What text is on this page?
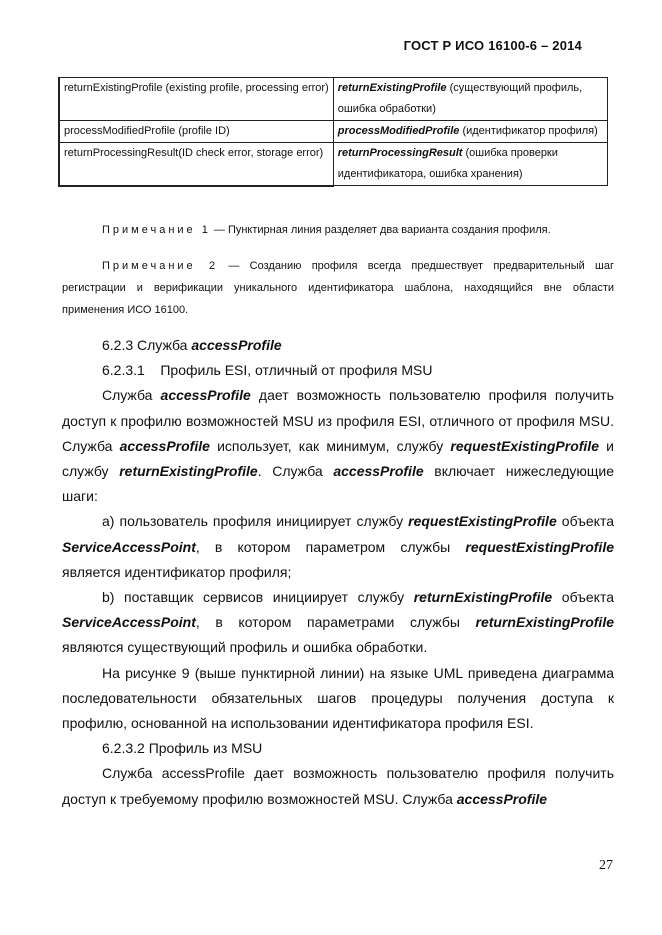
ГОСТ Р ИСО 16100-6 – 2014
returnExistingProfile (existing profile, processing error)	returnExistingProfile (существующий профиль, ошибка обработки)
processModifiedProfile (profile ID)	processModifiedProfile (идентификатор профиля)
returnProcessingResult(ID check error, storage error)	returnProcessingResult (ошибка проверки идентификатора, ошибка хранения)
Примечание 1 — Пунктирная линия разделяет два варианта создания профиля.
Примечание 2 — Созданию профиля всегда предшествует предварительный шаг регистрации и верификации уникального идентификатора шаблона, находящийся вне области применения ИСО 16100.
6.2.3 Служба accessProfile
6.2.3.1    Профиль ESI, отличный от профиля MSU
Служба accessProfile дает возможность пользователю профиля получить доступ к профилю возможностей MSU из профиля ESI, отличного от профиля MSU. Служба accessProfile использует, как минимум, службу requestExistingProfile и службу returnExistingProfile. Служба accessProfile включает нижеследующие шаги:
a) пользователь профиля инициирует службу requestExistingProfile объекта ServiceAccessPoint, в котором параметром службы requestExistingProfile является идентификатор профиля;
b) поставщик сервисов инициирует службу returnExistingProfile объекта ServiceAccessPoint, в котором параметрами службы returnExistingProfile являются существующий профиль и ошибка обработки.
На рисунке 9 (выше пунктирной линии) на языке UML приведена диаграмма последовательности обязательных шагов процедуры получения доступа к профилю, основанной на использовании идентификатора профиля ESI.
6.2.3.2 Профиль из MSU
Служба accessProfile дает возможность пользователю профиля получить доступ к требуемому профилю возможностей MSU. Служба accessProfile
27
